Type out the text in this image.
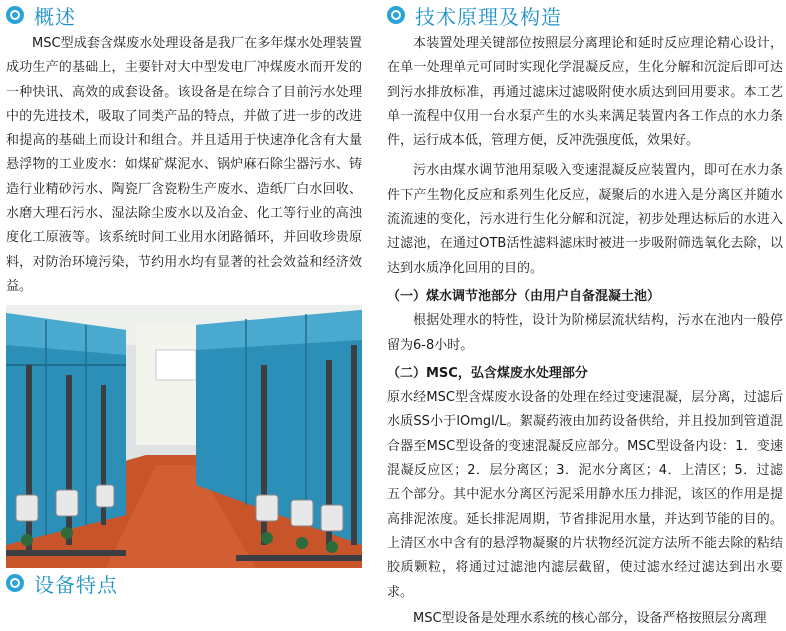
概述

MSC型成套含煤废水处理设备是我厂在多年煤水处理装置成功生产的基础上，主要针对大中型发电厂冲煤废水而开发的一种快讯、高效的成套设备。该设备是在综合了目前污水处理中的先进技术，吸取了同类产品的特点，并做了进一步的改进和提高的基础上而设计和组合。并且适用于快速净化含有大量悬浮物的工业废水：如煤矿煤泥水、锅炉麻石除尘器污水、铸造行业精砂污水、陶瓷厂含瓷粉生产废水、造纸厂白水回收、水磨大理石污水、湿法除尘废水以及冶金、化工等行业的高浊度化工原液等。该系统时间工业用水闭路循环，并回收珍贵原料，对防治环境污染，节约用水均有显著的社会效益和经济效益。

设备特点
技术原理及构造

本装置处理关键部位按照层分离理论和延时反应理论精心设计，在单一处理单元可同时实现化学混凝反应，生化分解和沉淀后即可达到污水排放标准，再通过滤床过滤吸附使水质达到回用要求。本工艺单一流程中仅用一台水泵产生的水头来满足装置内各工作点的水力条件，运行成本低，管理方便，反冲洗强度低，效果好。

污水由煤水调节池用泵吸入变速混凝反应装置内，即可在水力条件下产生物化反应和系列生化反应，凝聚后的水进入是分离区并随水流流速的变化，污水进行生化分解和沉淀，初步处理达标后的水进入过滤池，在通过OTB活性滤料滤床时被进一步吸附筛选氧化去除，以达到水质净化回用的目的。

（一）煤水调节池部分（由用户自备混凝土池）

根据处理水的特性，设计为阶梯层流状结构，污水在池内一般停留为6-8小时。

（二）MSC，弘含煤废水处理部分

原水经MSC型含煤废水设备的处理在经过变速混凝，层分离，过滤后水质SS小于lOmgl/L。絮凝药液由加药设备供给，并且投加到管道混合器至MSC型设备的变速混凝反应部分。MSC型设备内设：1．变速混凝反应区；2．层分离区；3．泥水分离区；4．上清区；5．过滤五个部分。其中泥水分离区污泥采用静水压力排泥，该区的作用是提高排泥浓度。延长排泥周期，节省排泥用水量，并达到节能的目的。上清区水中含有的悬浮物凝聚的片状物经沉淀方法所不能去除的粘结胶质颗粒，将通过过滤池内滤层截留，使过滤水经过滤达到出水要求。

MSC型设备是处理水系统的核心部分，设备严格按照层分离理
